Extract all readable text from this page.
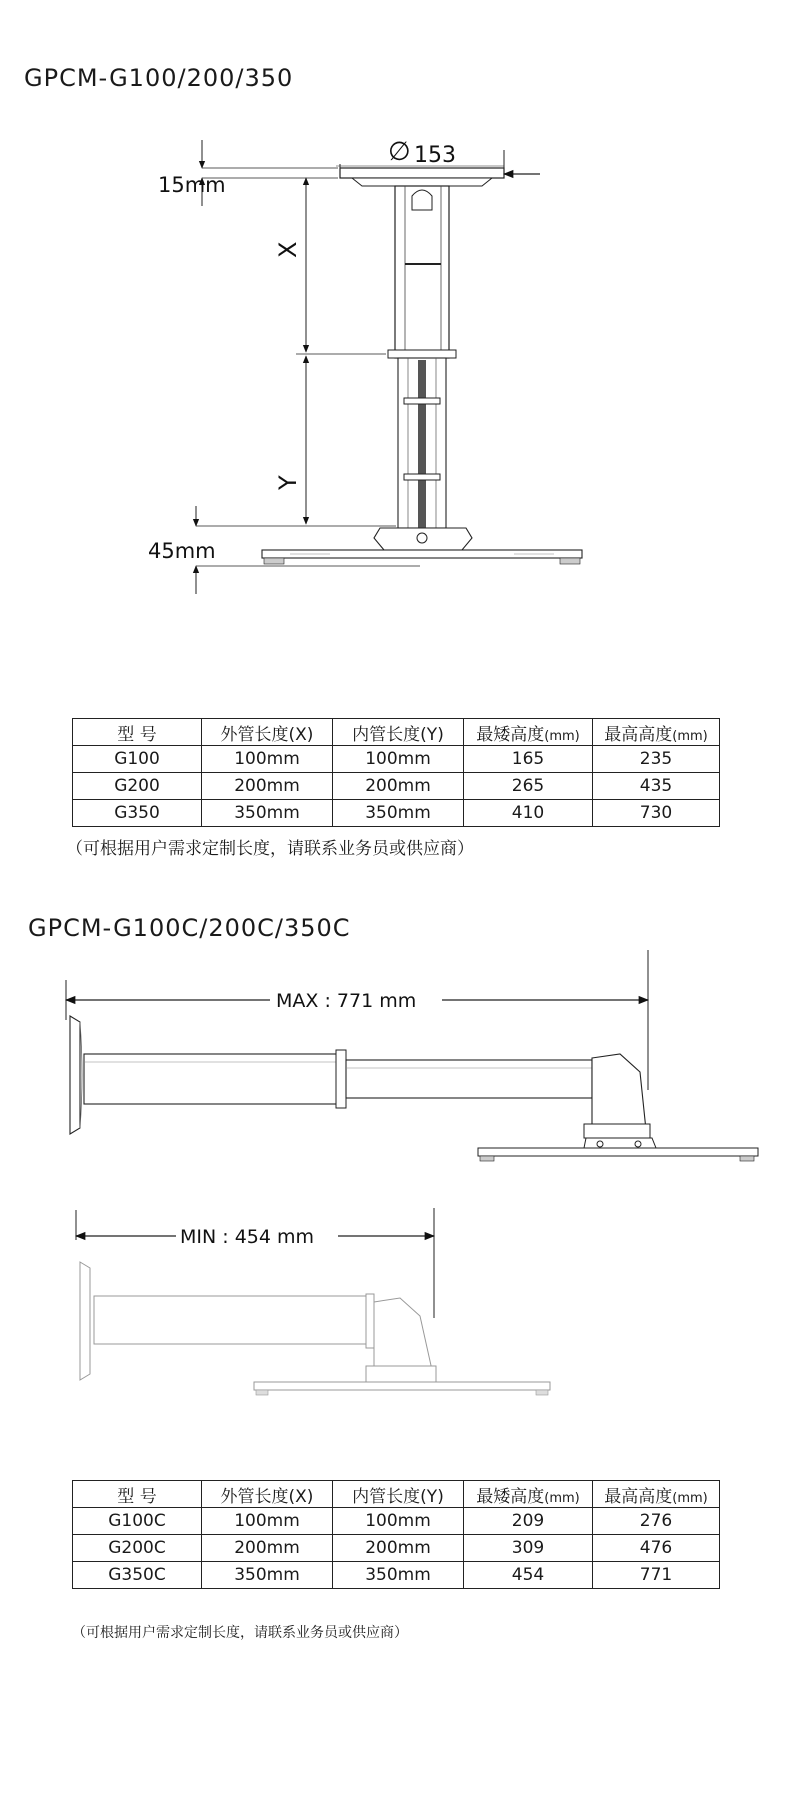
GPCM-G100/200/350
∅ 153
15mm
X
Y
45mm
型 号	外管长度(X)	内管长度(Y)	最矮高度(mm)	最高高度(mm)
G100	100mm	100mm	165	235
G200	200mm	200mm	265	435
G350	350mm	350mm	410	730
（可根据用户需求定制长度，请联系业务员或供应商）
GPCM-G100C/200C/350C
MAX : 771 mm
MIN : 454 mm
型 号	外管长度(X)	内管长度(Y)	最矮高度(mm)	最高高度(mm)
G100C	100mm	100mm	209	276
G200C	200mm	200mm	309	476
G350C	350mm	350mm	454	771
（可根据用户需求定制长度，请联系业务员或供应商）
